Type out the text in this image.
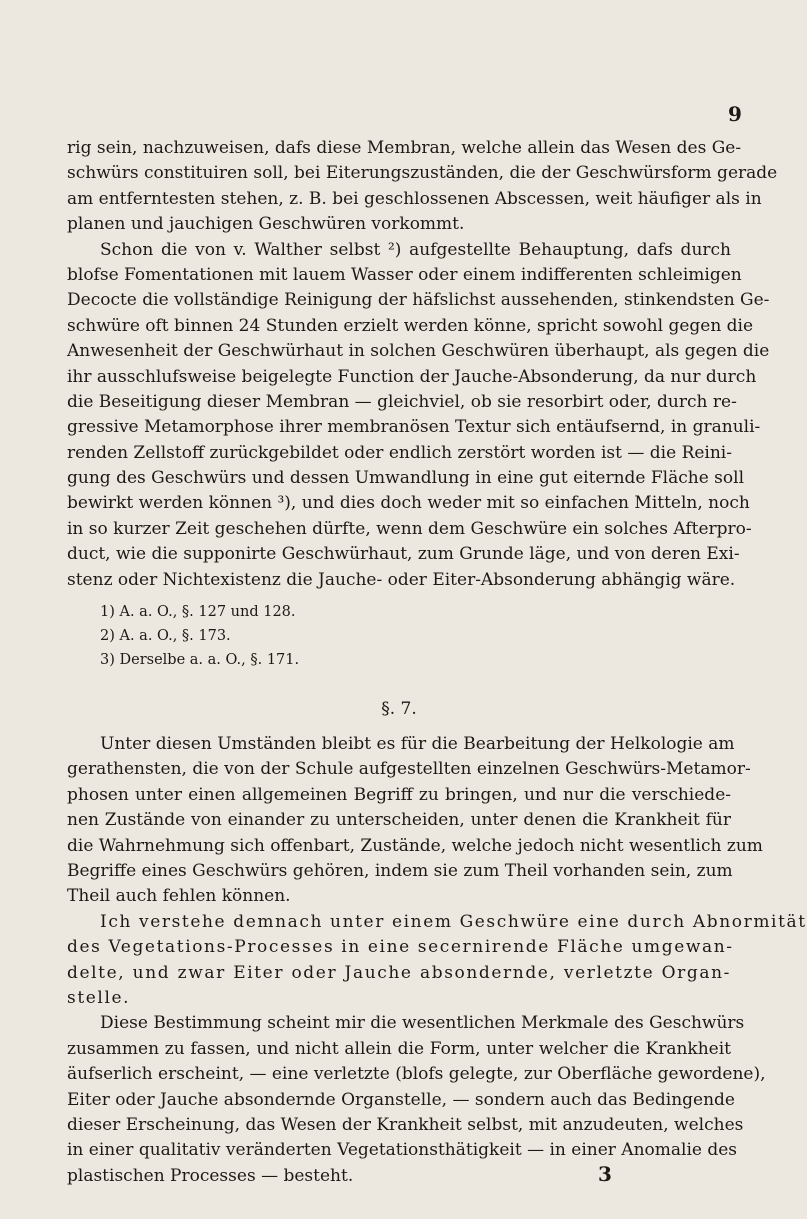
9
rig sein, nachzuweisen, dafs diese Membran, welche allein das Wesen des Ge-
schwürs constituiren soll, bei Eiterungszuständen, die der Geschwürsform gerade
am entferntesten stehen, z. B. bei geschlossenen Abscessen, weit häufiger als in
planen und jauchigen Geschwüren vorkommt.
Schon die von v. Walther selbst ²) aufgestellte Behauptung, dafs durch
blofse Fomentationen mit lauem Wasser oder einem indifferenten schleimigen
Decocte die vollständige Reinigung der häfslichst aussehenden, stinkendsten Ge-
schwüre oft binnen 24 Stunden erzielt werden könne, spricht sowohl gegen die
Anwesenheit der Geschwürhaut in solchen Geschwüren überhaupt, als gegen die
ihr ausschlufsweise beigelegte Function der Jauche-Absonderung, da nur durch
die Beseitigung dieser Membran — gleichviel, ob sie resorbirt oder, durch re-
gressive Metamorphose ihrer membranösen Textur sich entäufsernd, in granuli-
renden Zellstoff zurückgebildet oder endlich zerstört worden ist — die Reini-
gung des Geschwürs und dessen Umwandlung in eine gut eiternde Fläche soll
bewirkt werden können ³), und dies doch weder mit so einfachen Mitteln, noch
in so kurzer Zeit geschehen dürfte, wenn dem Geschwüre ein solches Afterpro-
duct, wie die supponirte Geschwürhaut, zum Grunde läge, und von deren Exi-
stenz oder Nichtexistenz die Jauche- oder Eiter-Absonderung abhängig wäre.
1) A. a. O., §. 127 und 128.
2) A. a. O., §. 173.
3) Derselbe a. a. O., §. 171.
§. 7.
Unter diesen Umständen bleibt es für die Bearbeitung der Helkologie am
gerathensten, die von der Schule aufgestellten einzelnen Geschwürs-Metamor-
phosen unter einen allgemeinen Begriff zu bringen, und nur die verschiede-
nen Zustände von einander zu unterscheiden, unter denen die Krankheit für
die Wahrnehmung sich offenbart, Zustände, welche jedoch nicht wesentlich zum
Begriffe eines Geschwürs gehören, indem sie zum Theil vorhanden sein, zum
Theil auch fehlen können.
Ich verstehe demnach unter einem Geschwüre eine durch Abnormität
des Vegetations-Processes in eine secernirende Fläche umgewan-
delte, und zwar Eiter oder Jauche absondernde, verletzte Organ-
stelle.
Diese Bestimmung scheint mir die wesentlichen Merkmale des Geschwürs
zusammen zu fassen, und nicht allein die Form, unter welcher die Krankheit
äufserlich erscheint, — eine verletzte (blofs gelegte, zur Oberfläche gewordene),
Eiter oder Jauche absondernde Organstelle, — sondern auch das Bedingende
dieser Erscheinung, das Wesen der Krankheit selbst, mit anzudeuten, welches
in einer qualitativ veränderten Vegetationsthätigkeit — in einer Anomalie des
plastischen Processes — besteht.	3
